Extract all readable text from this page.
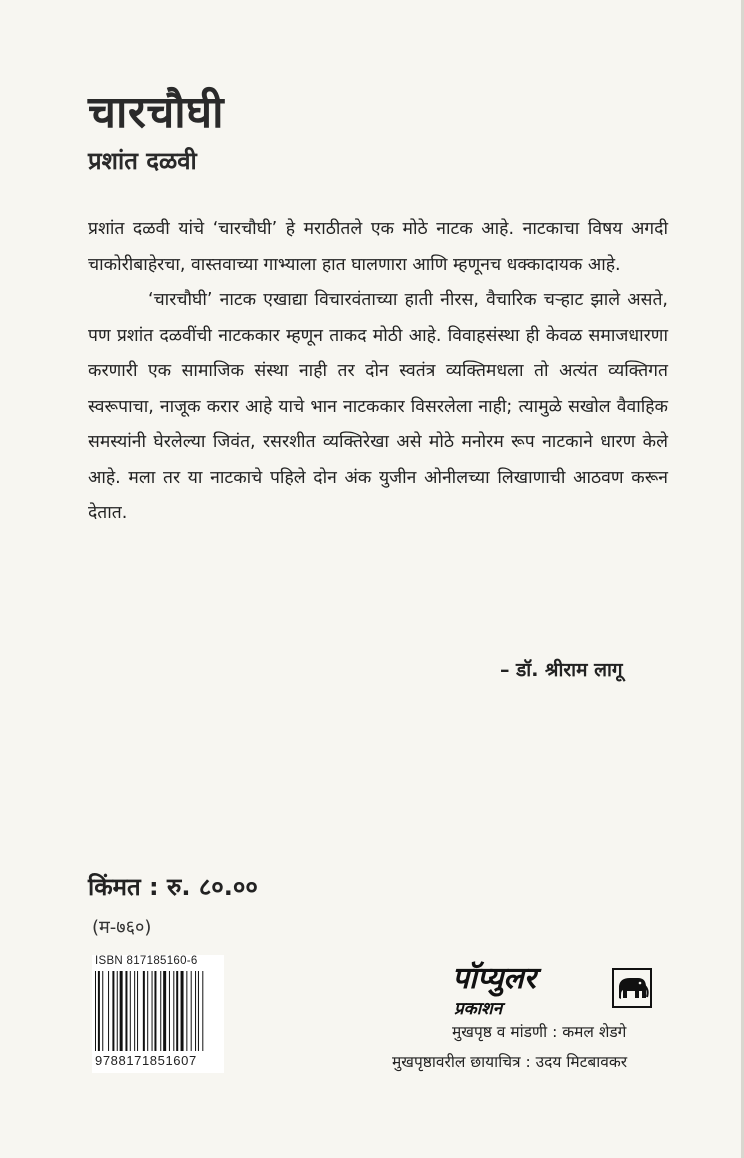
चारचौघी
प्रशांत दळवी

प्रशांत दळवी यांचे ‘चारचौघी’ हे मराठीतले एक मोठे नाटक आहे. नाटकाचा विषय अगदी चाकोरीबाहेरचा, वास्तवाच्या गाभ्याला हात घालणारा आणि म्हणूनच धक्कादायक आहे.

‘चारचौघी’ नाटक एखाद्या विचारवंताच्या हाती नीरस, वैचारिक चऱ्हाट झाले असते, पण प्रशांत दळवींची नाटककार म्हणून ताकद मोठी आहे. विवाहसंस्था ही केवळ समाजधारणा करणारी एक सामाजिक संस्था नाही तर दोन स्वतंत्र व्यक्तिमधला तो अत्यंत व्यक्तिगत स्वरूपाचा, नाजूक करार आहे याचे भान नाटककार विसरलेला नाही; त्यामुळे सखोल वैवाहिक समस्यांनी घेरलेल्या जिवंत, रसरशीत व्यक्तिरेखा असे मोठे मनोरम रूप नाटकाने धारण केले आहे. मला तर या नाटकाचे पहिले दोन अंक युजीन ओनीलच्या लिखाणाची आठवण करून देतात.

– डॉ. श्रीराम लागू
किंमत : रु. ८०.००
(म-७६०)
ISBN 817185160-6
9788171851607
पॉप्युलर
प्रकाशन
मुखपृष्ठ व मांडणी : कमल शेडगे
मुखपृष्ठावरील छायाचित्र : उदय मिटबावकर
